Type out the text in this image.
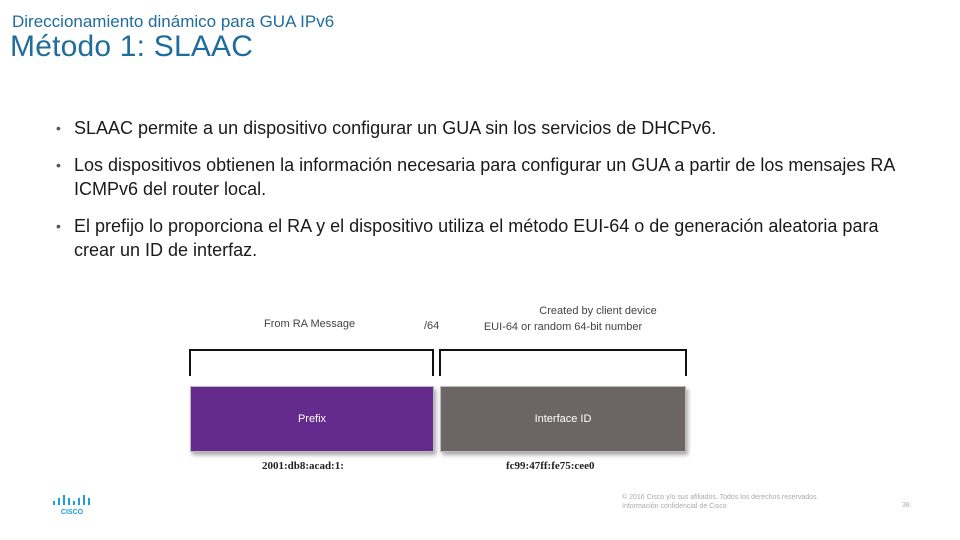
Direccionamiento dinámico para GUA IPv6
Método 1: SLAAC
• SLAAC permite a un dispositivo configurar un GUA sin los servicios de DHCPv6.
• Los dispositivos obtienen la información necesaria para configurar un GUA a partir de los mensajes RA ICMPv6 del router local.
• El prefijo lo proporciona el RA y el dispositivo utiliza el método EUI-64 o de generación aleatoria para crear un ID de interfaz.
From RA Message	/64
Created by client device
EUI-64 or random 64-bit number
Prefix	Interface ID
2001:db8:acad:1:	fc99:47ff:fe75:cee0
CISCO
© 2016 Cisco y/o sus afiliados. Todos los derechos reservados.
Información confidencial de Cisco	38
